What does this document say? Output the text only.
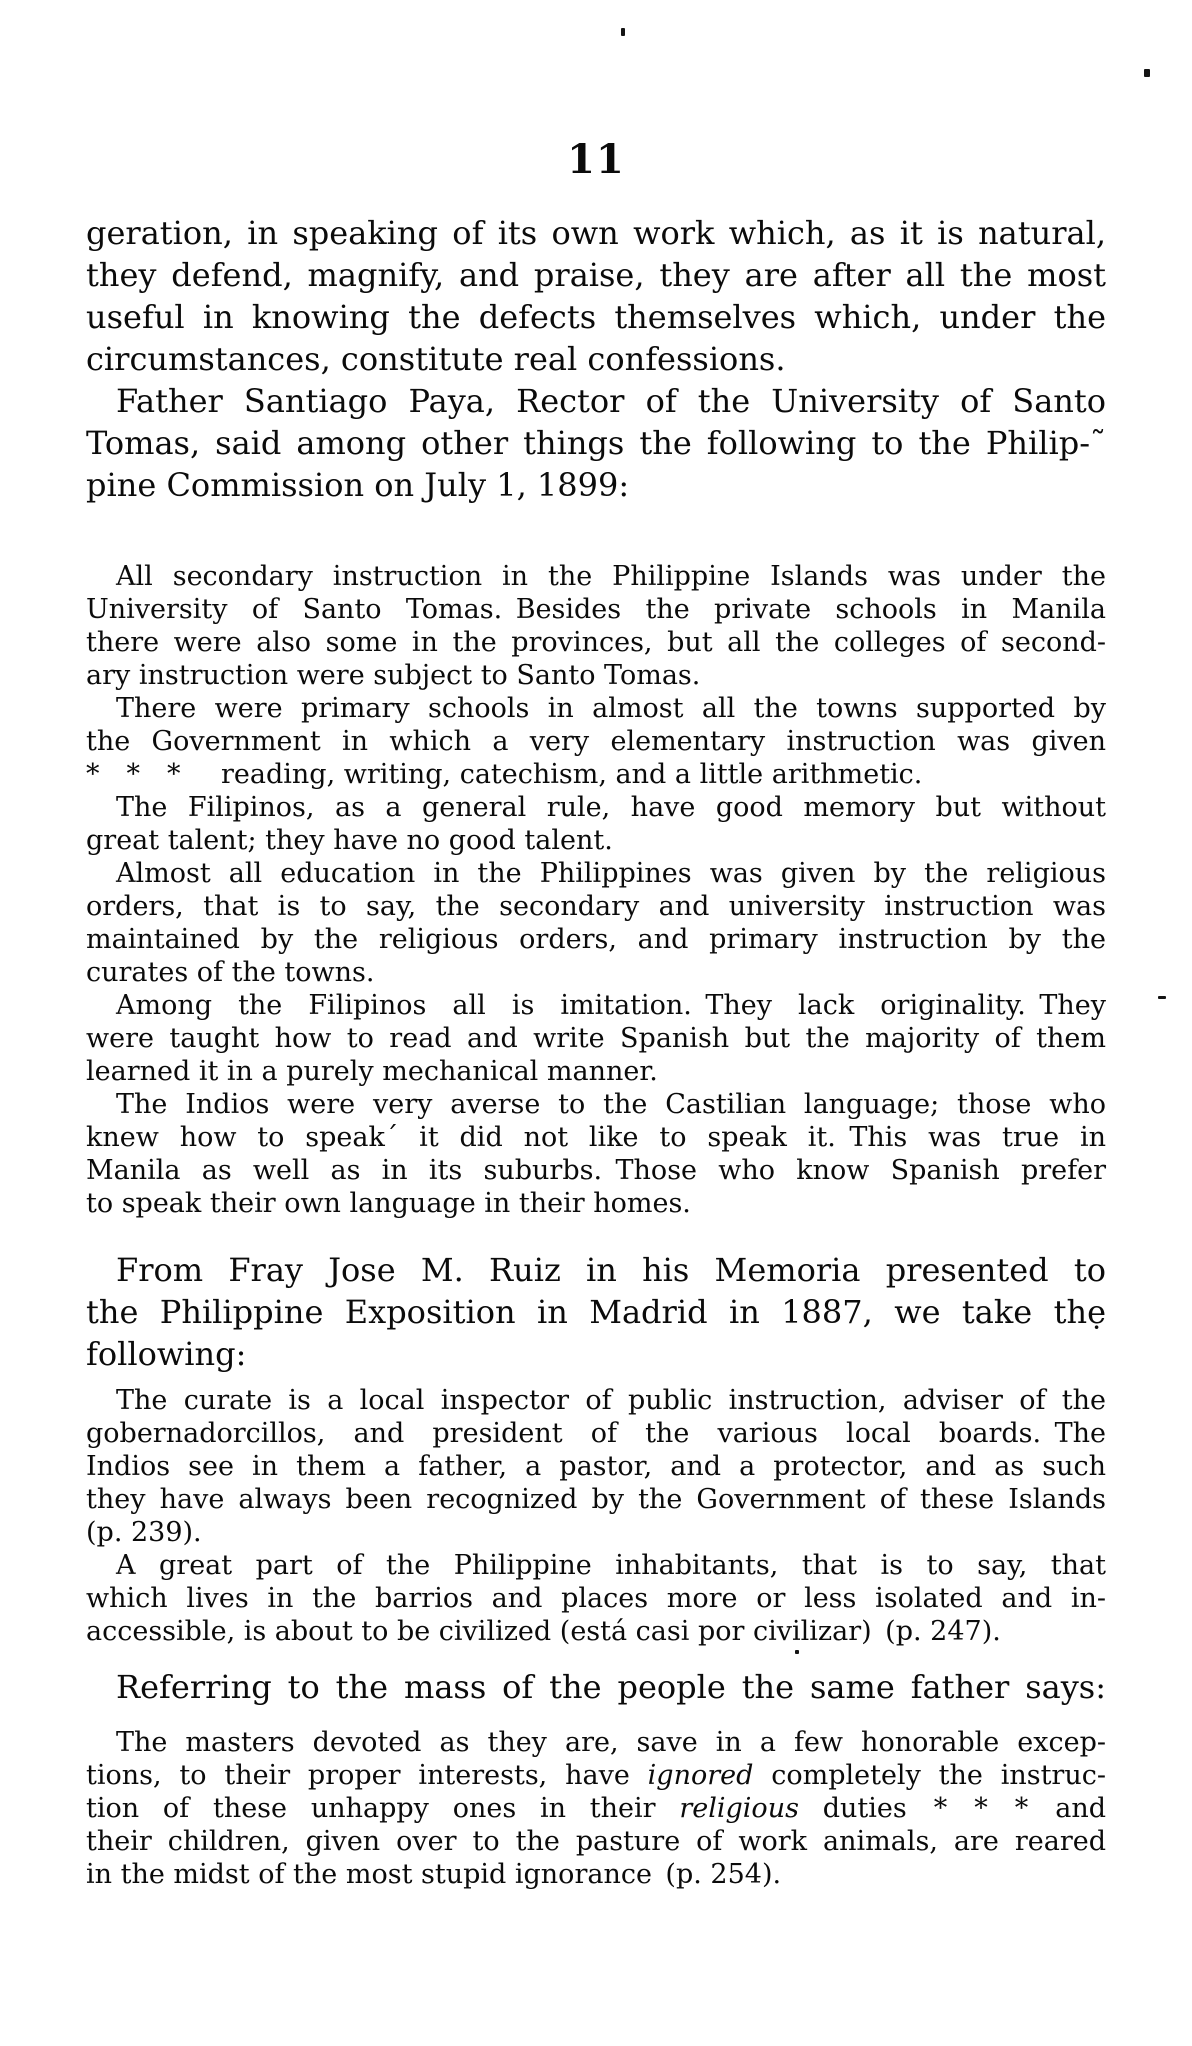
11
geration, in speaking of its own work which, as it is natural,
they defend, magnify, and praise, they are after all the most
useful in knowing the defects themselves which, under the
circumstances, constitute real confessions.
Father Santiago Paya, Rector of the University of Santo
Tomas, said among other things the following to the Philip-˜
pine Commission on July 1, 1899:
All secondary instruction in the Philippine Islands was under the
University of Santo Tomas. Besides the private schools in Manila
there were also some in the provinces, but all the colleges of second-
ary instruction were subject to Santo Tomas.
There were primary schools in almost all the towns supported by
the Government in which a very elementary instruction was given
* * *  reading, writing, catechism, and a little arithmetic.
The Filipinos, as a general rule, have good memory but without
great talent; they have no good talent.
Almost all education in the Philippines was given by the religious
orders, that is to say, the secondary and university instruction was
maintained by the religious orders, and primary instruction by the
curates of the towns.
Among the Filipinos all is imitation. They lack originality. They
were taught how to read and write Spanish but the majority of them
learned it in a purely mechanical manner.
The Indios were very averse to the Castilian language; those who
knew how to speak´ it did not like to speak it. This was true in
Manila as well as in its suburbs. Those who know Spanish prefer
to speak their own language in their homes.
From Fray Jose M. Ruiz in his Memoria presented to
the Philippine Exposition in Madrid in 1887, we take thẹ
following:
The curate is a local inspector of public instruction, adviser of the
gobernadorcillos, and president of the various local boards. The
Indios see in them a father, a pastor, and a protector, and as such
they have always been recognized by the Government of these Islands
(p. 239).
A great part of the Philippine inhabitants, that is to say, that
which lives in the barrios and places more or less isolated and in-
accessible, is about to be civilized (está casi por civilizar) (p. 247).
Referring to the mass of the people the same father says:
The masters devoted as they are, save in a few honorable excep-
tions, to their proper interests, have ignored completely the instruc-
tion of these unhappy ones in their religious duties * * * and
their children, given over to the pasture of work animals, are reared
in the midst of the most stupid ignorance (p. 254).
